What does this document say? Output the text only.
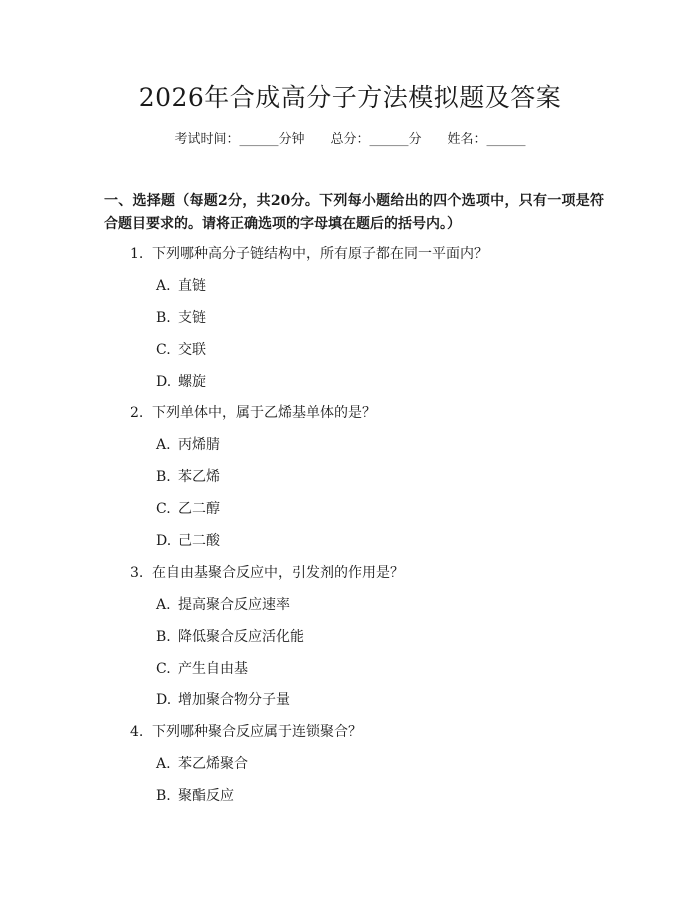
2026年合成高分子方法模拟题及答案
考试时间：______分钟 总分：______分 姓名：______
一、选择题（每题2分，共20分。下列每小题给出的四个选项中，只有一项是符合题目要求的。请将正确选项的字母填在题后的括号内。）
1. 下列哪种高分子链结构中，所有原子都在同一平面内？
A. 直链
B. 支链
C. 交联
D. 螺旋
2. 下列单体中，属于乙烯基单体的是？
A. 丙烯腈
B. 苯乙烯
C. 乙二醇
D. 己二酸
3. 在自由基聚合反应中，引发剂的作用是？
A. 提高聚合反应速率
B. 降低聚合反应活化能
C. 产生自由基
D. 增加聚合物分子量
4. 下列哪种聚合反应属于连锁聚合？
A. 苯乙烯聚合
B. 聚酯反应
